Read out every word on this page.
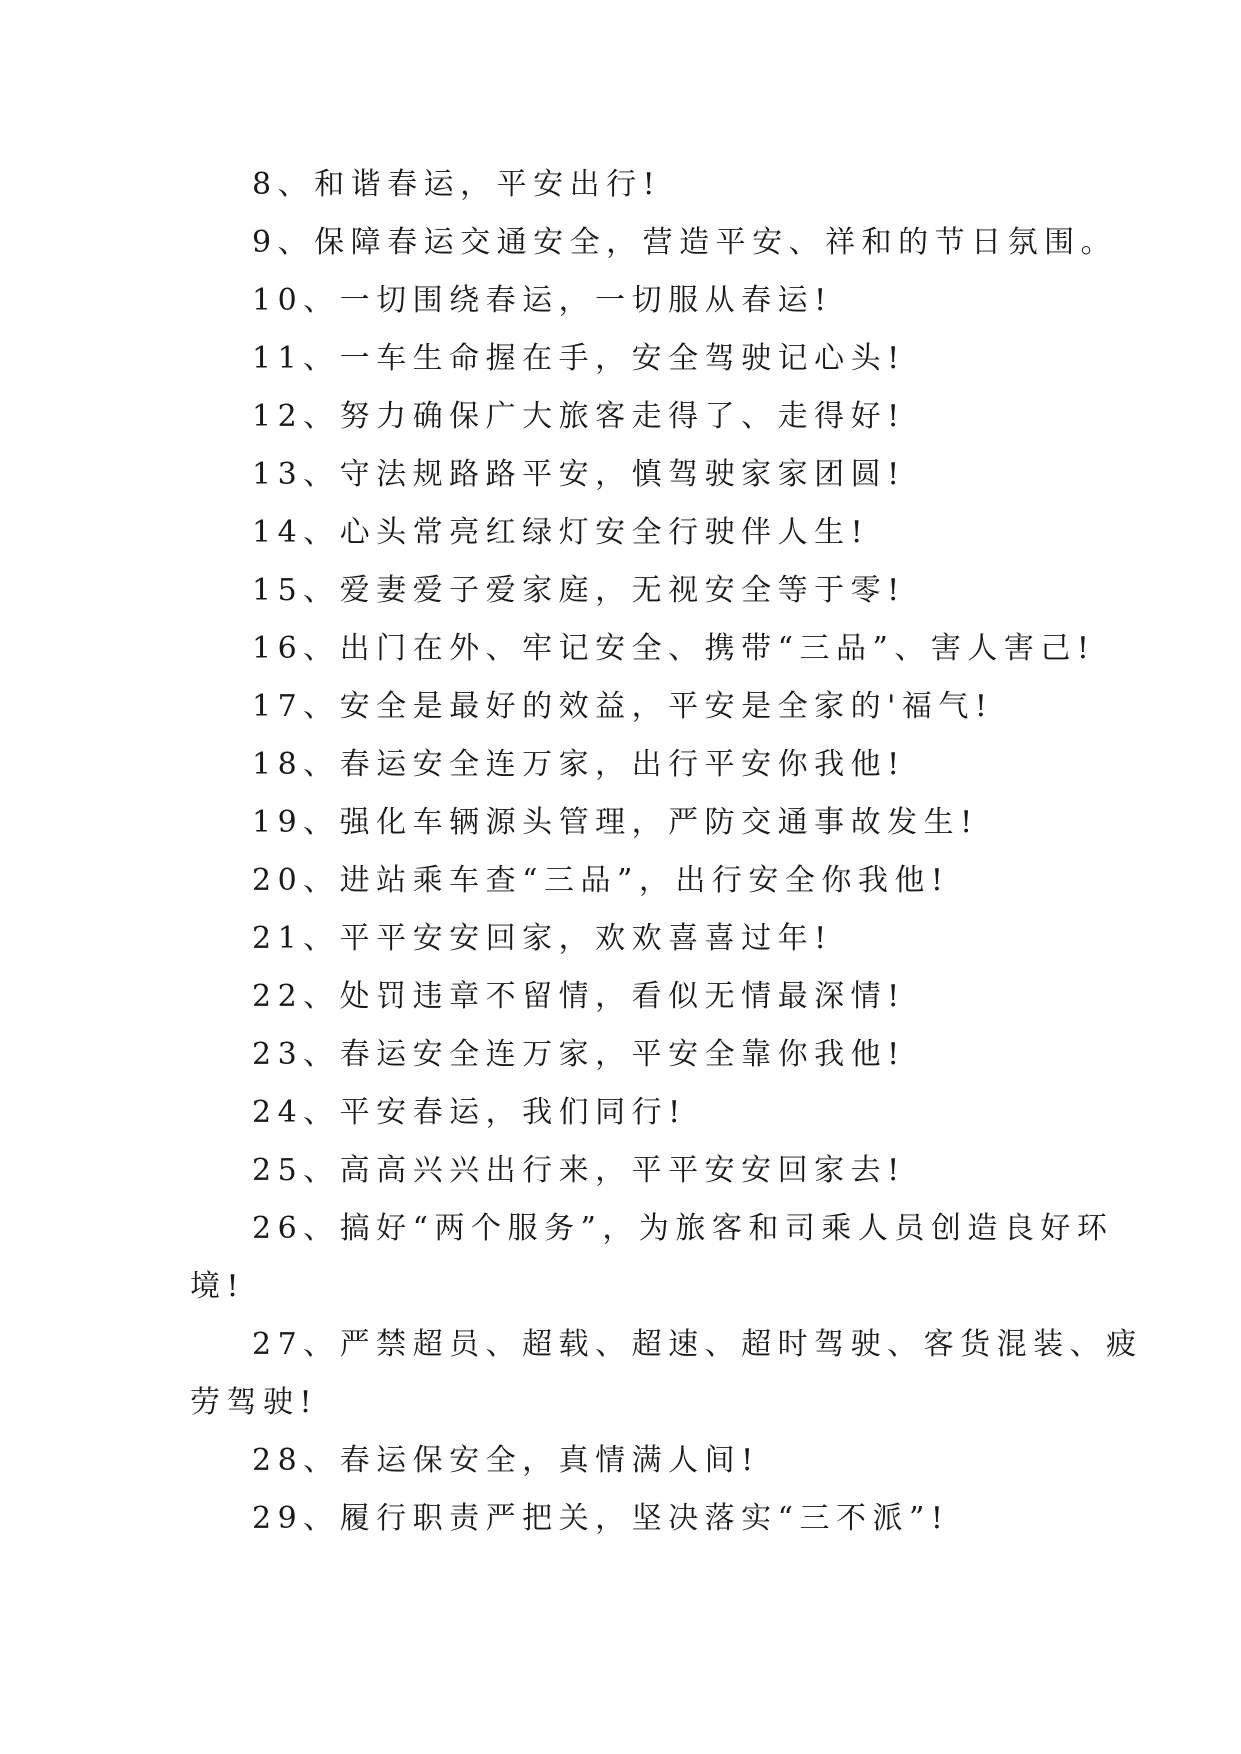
8、和谐春运，平安出行!

9、保障春运交通安全，营造平安、祥和的节日氛围。

10、一切围绕春运，一切服从春运!

11、一车生命握在手，安全驾驶记心头!

12、努力确保广大旅客走得了、走得好!

13、守法规路路平安，慎驾驶家家团圆!

14、心头常亮红绿灯安全行驶伴人生!

15、爱妻爱子爱家庭，无视安全等于零!

16、出门在外、牢记安全、携带“三品”、害人害己!

17、安全是最好的效益，平安是全家的'福气!

18、春运安全连万家，出行平安你我他!

19、强化车辆源头管理，严防交通事故发生!

20、进站乘车查“三品”，出行安全你我他!

21、平平安安回家，欢欢喜喜过年!

22、处罚违章不留情，看似无情最深情!

23、春运安全连万家，平安全靠你我他!

24、平安春运，我们同行!

25、高高兴兴出行来，平平安安回家去!

26、搞好“两个服务”，为旅客和司乘人员创造良好环

境!

27、严禁超员、超载、超速、超时驾驶、客货混装、疲

劳驾驶!

28、春运保安全，真情满人间!

29、履行职责严把关，坚决落实“三不派”!
